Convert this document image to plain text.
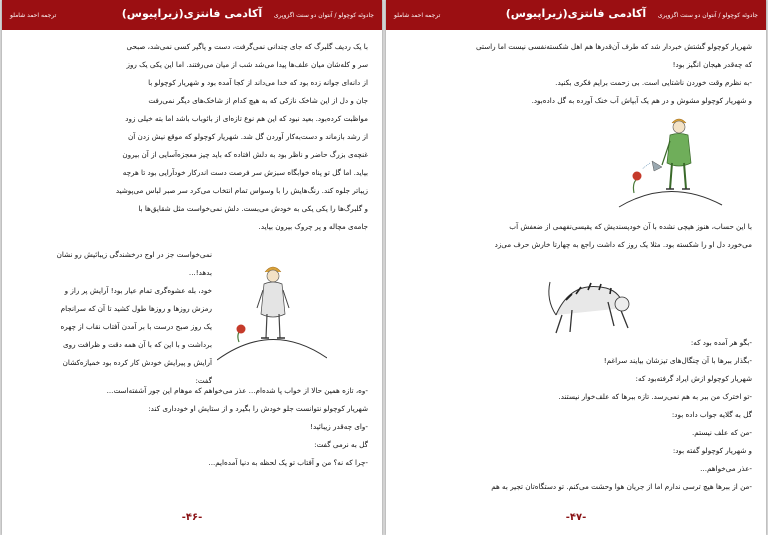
ترجمه احمد شاملو	آکادمی فانتزی(زیراپیوس)	جادوئه کوچولو / آنتوان دو سنت اگزوپری

با یک ردیف گلبرگ که جای چندانی نمی‌گرفت، دست و پاگیر کسی نمی‌شد، صبحی

سر و کله‌شان میان علف‌ها پیدا می‌شد شب از میان می‌رفتند. اما این یکی یک روز

از دانه‌ای جوانه زده بود که خدا می‌داند از کجا آمده بود و شهریار کوچولو با

جان و دل از این شاخک نازکی که به هیچ کدام از شاخک‌های دیگر نمی‌رفت

مواظبت کرده‌بود. بعید نبود که این هم نوع تازه‌ای از بائوباب باشد اما بته خیلی زود

از رشد بازماند و دست‌به‌کار آوردن گل شد. شهریار کوچولو که موقع نیش زدن آن

غنچه‌ی بزرگ حاضر و ناظر بود به دلش افتاده که باید چیز معجزه‌آسایی از آن بیرون

بیاید. اما گل تو پناه خوابگاه سبزش سر فرصت دست اندرکار خودآرایی بود تا هرچه

زیباتر جلوه کند. رنگ‌هایش را با وسواس تمام انتخاب می‌کرد سر صبر لباس می‌پوشید

و گلبرگ‌ها را یکی یکی به خودش می‌بست. دلش نمی‌خواست مثل شقایق‌ها با

جامه‌ی مچاله و پر چروک بیرون بیاید.

نمی‌خواست جز در اوج درخشندگی زیبائیش رو نشان

بدهد!...

خود، بله عشوه‌گری تمام عیار بود! آرایش پر راز و

رمزش روزها و روزها طول کشید تا آن که سرانجام

یک روز صبح درست با بر آمدن آفتاب نقاب از چهره

برداشت و با این که با آن همه دقت و ظرافت روی

آرایش و پیرایش خودش کار کرده بود خمیازه‌کشان

گفت:

-وه، تازه همین حالا از خواب پا شده‌ام... عذر می‌خواهم که موهام این جور آشفته‌است...

شهریار کوچولو نتوانست جلو خودش را بگیرد و از ستایش او خودداری کند:

-وای چه‌قدر زیبائید!

گل به نرمی گفت:

-چرا که نه؟ من و آفتاب تو یک لحظه به دنیا آمده‌ایم...

-۴۶-
ترجمه احمد شاملو	آکادمی فانتزی(زیراپیوس)	جادوئه کوچولو / آنتوان دو سنت اگزوپری

شهریار کوچولو گشتش خبردار شد که طرف آن‌قدرها هم اهل شکسته‌نفسی نیست اما راستی

که چه‌قدر هیجان انگیز بود!

-به نظرم وقت خوردن ناشتایی است. بی زحمت برایم فکری بکنید.

و شهریار کوچولو مشوش و در هم یک آبپاش آب خنک آورده به گل داده‌بود.

با این حساب، هنوز هیچی نشده با آن خودپسندیش که یقیسی‌نفهمی از ضعفش آب

می‌خورد دل او را شکسته بود. مثلا یک روز که داشت راجع به چهارتا خارش حرف می‌زد

-بگو هر آمده بود که:

-بگذار ببرها با آن چنگال‌های تیزشان بیایند سراغم!

شهریار کوچولو ازش ایراد گرفته‌بود که:

-تو اخترک من ببر به هم نمی‌رسد. تازه ببرها که علف‌خوار نیستند.

گل به گلایه جواب داده بود:

-من که علف نیستم.

و شهریار کوچولو گفته بود:

-عذر می‌خواهم...

-من از ببرها هیچ ترسی ندارم اما از جریان هوا وحشت می‌کنم. تو دستگاه‌تان تجیر به هم

-۴۷-
